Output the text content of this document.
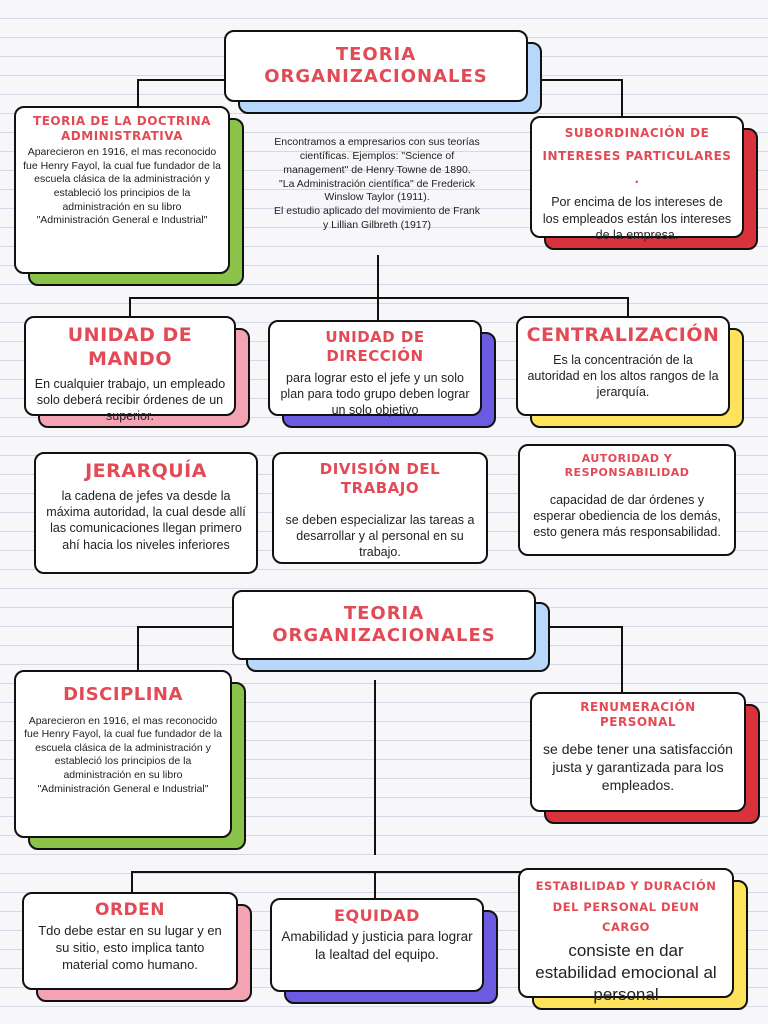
TEORIA ORGANIZACIONALES
Encontramos a empresarios con sus teorías científicas. Ejemplos: "Science of management" de Henry Towne de 1890.
"La Administración científica" de Frederick Winslow Taylor (1911).
El estudio aplicado del movimiento de Frank y Lillian Gilbreth (1917)
TEORIA DE LA DOCTRINA ADMINISTRATIVA
Aparecieron en 1916, el mas reconocido fue Henry Fayol, la cual fue fundador de la escuela clásica de la administración y estableció los principios de la administración en su libro
"Administración General e Industrial"
SUBORDINACIÓN DE INTERESES PARTICULARES .
Por encima de los intereses de los empleados están los intereses de la empresa.
UNIDAD DE MANDO
En cualquier trabajo, un empleado solo deberá recibir órdenes de un superior.
UNIDAD DE DIRECCIÓN
para lograr esto el jefe y un solo plan para todo grupo deben lograr un solo objetivo
CENTRALIZACIÓN
Es la concentración de la autoridad en los altos rangos de la jerarquía.
JERARQUÍA
la cadena de jefes va desde la máxima autoridad, la cual desde allí las comunicaciones llegan primero ahí hacia los niveles inferiores
DIVISIÓN DEL TRABAJO
se deben especializar las tareas a desarrollar y al personal en su trabajo.
AUTORIDAD Y RESPONSABILIDAD
capacidad de dar órdenes y esperar obediencia de los demás, esto genera más responsabilidad.
TEORIA ORGANIZACIONALES
DISCIPLINA
Aparecieron en 1916, el mas reconocido fue Henry Fayol, la cual fue fundador de la escuela clásica de la administración y estableció los principios de la administración en su libro
"Administración General e Industrial"
RENUMERACIÓN PERSONAL
se debe tener una satisfacción justa y garantizada para los empleados.
ORDEN
Tdo debe estar en su lugar y en su sitio, esto implica tanto material como humano.
EQUIDAD
Amabilidad y justicia para lograr la lealtad del equipo.
ESTABILIDAD Y DURACIÓN DEL PERSONAL DEUN CARGO
consiste en dar estabilidad emocional al personal
